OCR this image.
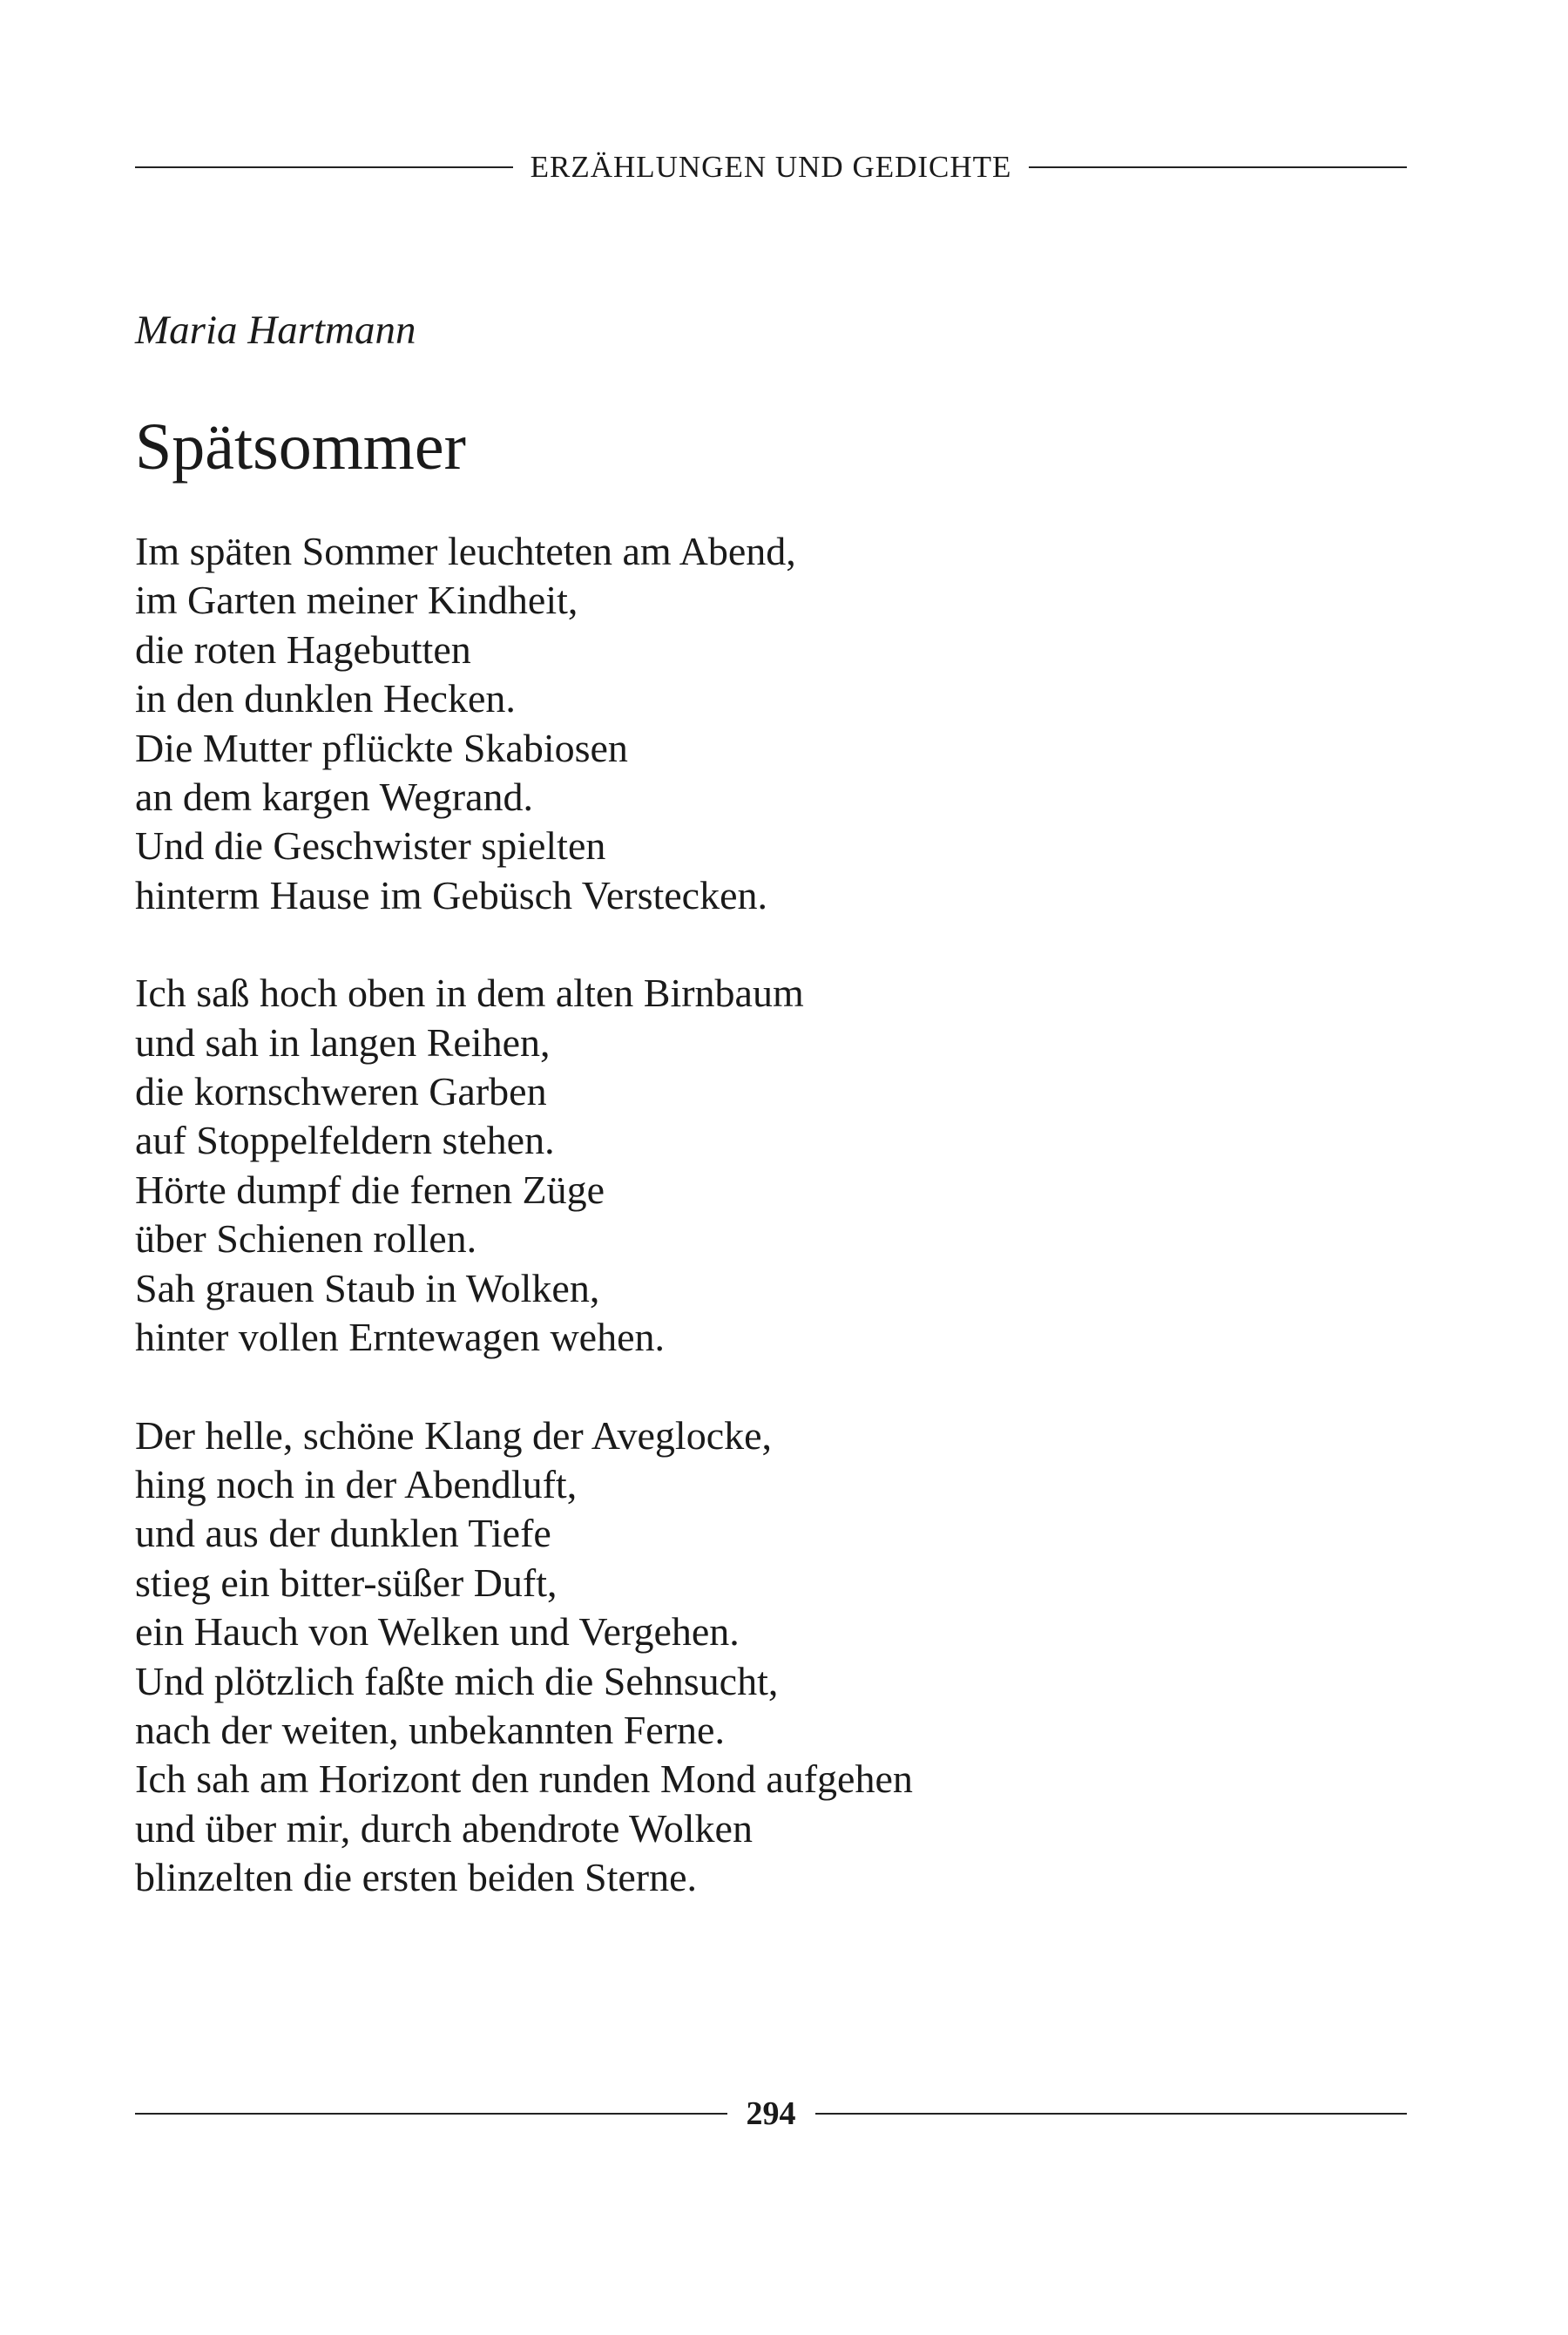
ERZÄHLUNGEN UND GEDICHTE
Maria Hartmann
Spätsommer
Im späten Sommer leuchteten am Abend,
im Garten meiner Kindheit,
die roten Hagebutten
in den dunklen Hecken.
Die Mutter pflückte Skabiosen
an dem kargen Wegrand.
Und die Geschwister spielten
hinterm Hause im Gebüsch Verstecken.
Ich saß hoch oben in dem alten Birnbaum
und sah in langen Reihen,
die kornschweren Garben
auf Stoppelfeldern stehen.
Hörte dumpf die fernen Züge
über Schienen rollen.
Sah grauen Staub in Wolken,
hinter vollen Erntewagen wehen.
Der helle, schöne Klang der Aveglocke,
hing noch in der Abendluft,
und aus der dunklen Tiefe
stieg ein bitter-süßer Duft,
ein Hauch von Welken und Vergehen.
Und plötzlich faßte mich die Sehnsucht,
nach der weiten, unbekannten Ferne.
Ich sah am Horizont den runden Mond aufgehen
und über mir, durch abendrote Wolken
blinzelten die ersten beiden Sterne.
294
